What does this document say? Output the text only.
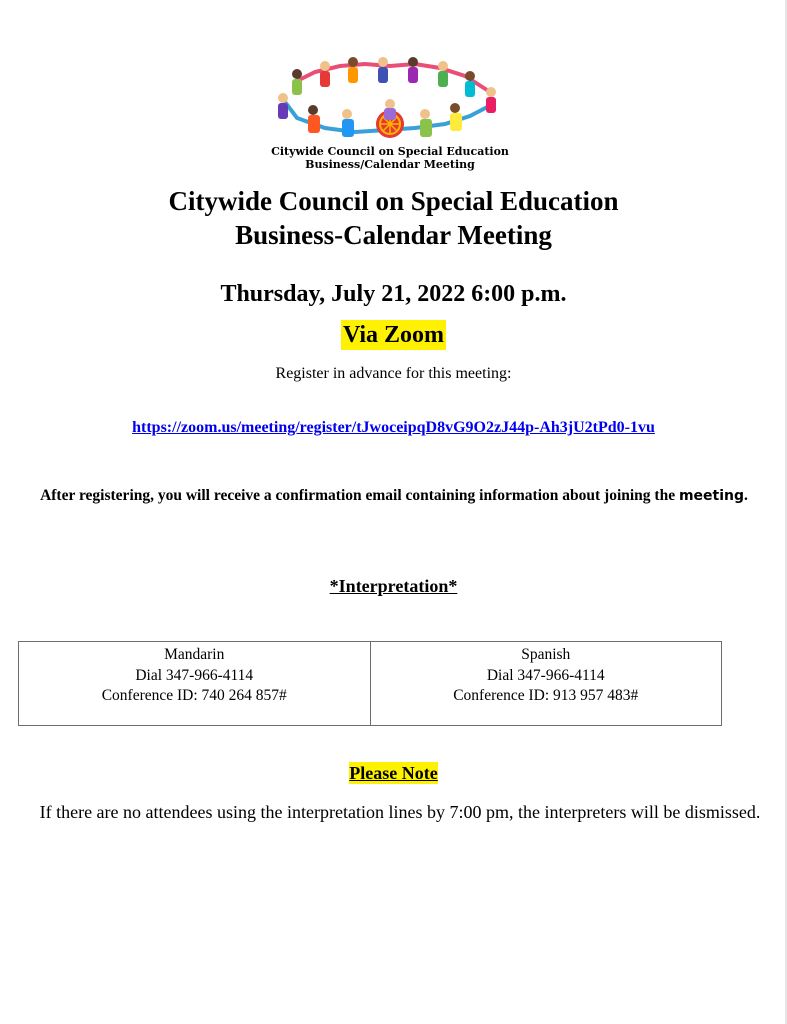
Citywide Council on Special Education
Business/Calendar Meeting
Citywide Council on Special Education
Business-Calendar Meeting
Thursday, July 21, 2022 6:00 p.m.
Via Zoom
Register in advance for this meeting:
https://zoom.us/meeting/register/tJwoceipqD8vG9O2zJ44p-Ah3jU2tPd0-1vu
After registering, you will receive a confirmation email containing information about joining the meeting.
*Interpretation*
Mandarin
Dial 347-966-4114
Conference ID: 740 264 857#
Spanish
Dial 347-966-4114
Conference ID: 913 957 483#
Please Note
If there are no attendees using the interpretation lines by 7:00 pm, the interpreters will be dismissed.
